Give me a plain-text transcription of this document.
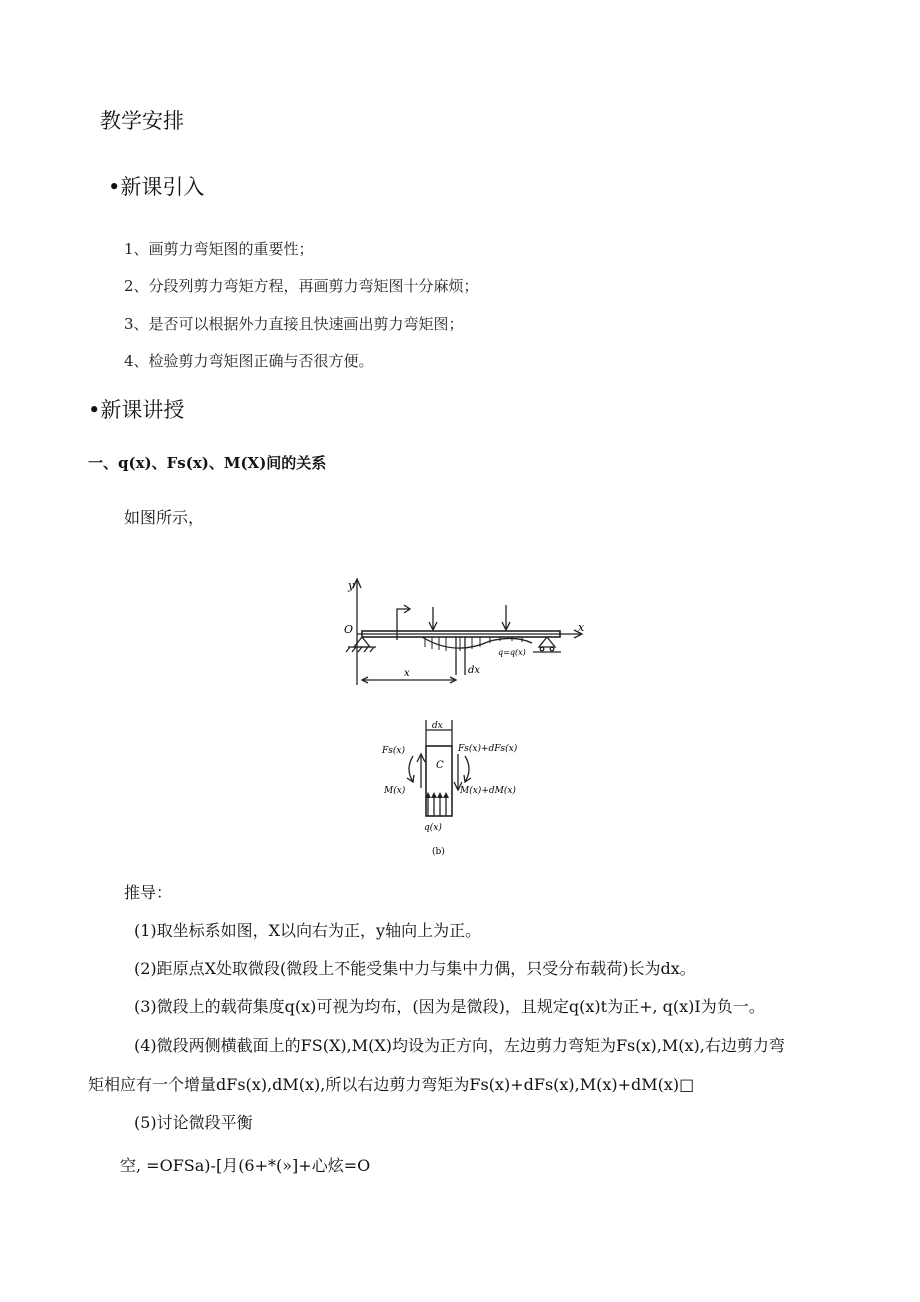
教学安排
•新课引入
1、画剪力弯矩图的重要性；
2、分段列剪力弯矩方程，再画剪力弯矩图十分麻烦；
3、是否可以根据外力直接且快速画出剪力弯矩图；
4、检验剪力弯矩图正确与否很方便。
•新课讲授
一、q(x)、Fs(x)、M(X)间的关系
如图所示，
y
O	x
q=q(x)
dx
x
dx
Fs(x)	Fs(x)+dFs(x)
C
M(x)	M(x)+dM(x)
q(x)
(b)
推导：
(1)取坐标系如图，X以向右为正，y轴向上为正。
(2)距原点X处取微段(微段上不能受集中力与集中力偶，只受分布载荷)长为dx。
(3)微段上的载荷集度q(x)可视为均布，(因为是微段)，且规定q(x)t为正+, q(x)I为负一。
(4)微段两侧横截面上的FS(X),M(X)均设为正方向，左边剪力弯矩为Fs(x),M(x),右边剪力弯
矩相应有一个增量dFs(x),dM(x),所以右边剪力弯矩为Fs(x)+dFs(x),M(x)+dM(x)□
(5)讨论微段平衡
空, =OFSa)-[月(6+*(»]+心炫=O
